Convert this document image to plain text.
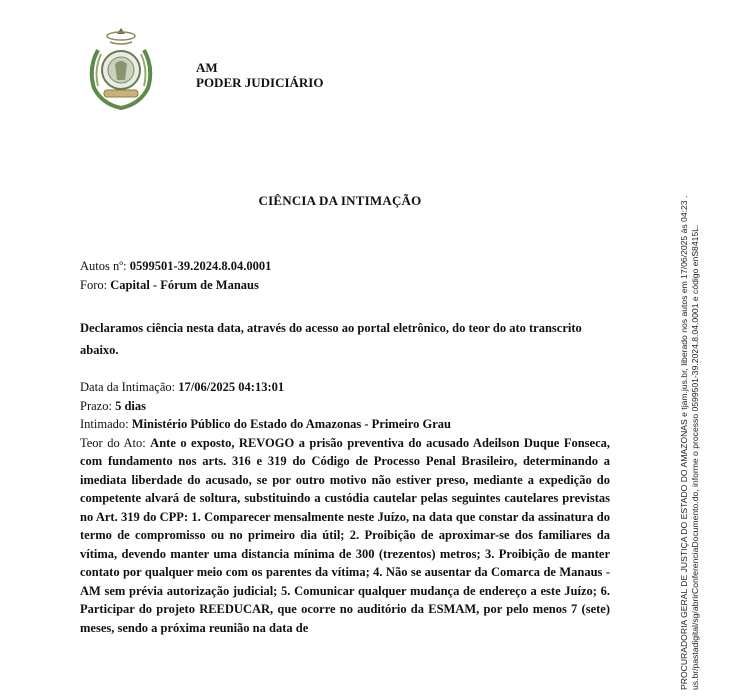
AM
PODER JUDICIÁRIO
CIÊNCIA DA INTIMAÇÃO
Autos nº: 0599501-39.2024.8.04.0001
Foro: Capital - Fórum de Manaus
Declaramos ciência nesta data, através do acesso ao portal eletrônico, do teor do ato transcrito abaixo.
Data da Intimação: 17/06/2025 04:13:01
Prazo: 5 dias
Intimado: Ministério Público do Estado do Amazonas - Primeiro Grau
Teor do Ato: Ante o exposto, REVOGO a prisão preventiva do acusado Adeilson Duque Fonseca, com fundamento nos arts. 316 e 319 do Código de Processo Penal Brasileiro, determinando a imediata liberdade do acusado, se por outro motivo não estiver preso, mediante a expedição do competente alvará de soltura, substituindo a custódia cautelar pelas seguintes cautelares previstas no Art. 319 do CPP: 1. Comparecer mensalmente neste Juízo, na data que constar da assinatura do termo de compromisso ou no primeiro dia útil; 2. Proibição de aproximar-se dos familiares da vítima, devendo manter uma distancia mínima de 300 (trezentos) metros; 3. Proibição de manter contato por qualquer meio com os parentes da vítima; 4. Não se ausentar da Comarca de Manaus - AM sem prévia autorização judicial; 5. Comunicar qualquer mudança de endereço a este Juízo; 6. Participar do projeto REEDUCAR, que ocorre no auditório da ESMAM, por pelo menos 7 (sete) meses, sendo a próxima reunião na data de	PROCURADORIA GERAL DE JUSTIÇA DO ESTADO DO AMAZONAS e tjam.jus.br, liberado nos autos em 17/06/2025 às 04:23 . us.br/pastadigital/sg/abrirConferenciaDocumento.do, informe o processo 0599501-39.2024.8.04.0001 e código enS8415L.
